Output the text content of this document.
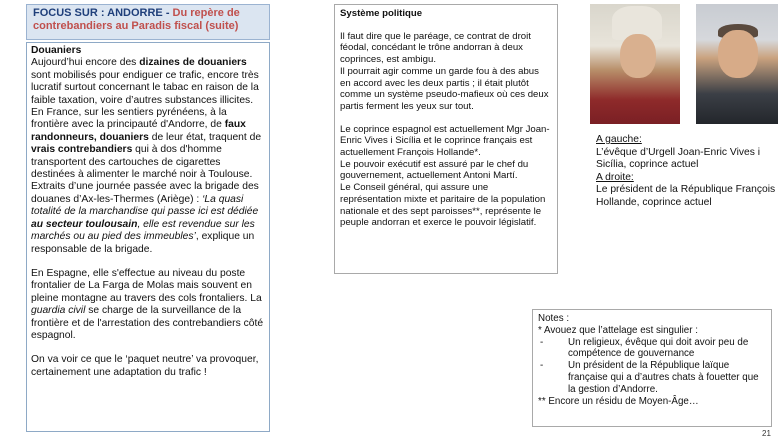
FOCUS SUR : ANDORRE - Du repère de
contrebandiers au Paradis fiscal (suite)

Douaniers

Aujourd’hui encore des dizaines de douaniers sont mobilisés pour endiguer ce trafic, encore très lucratif surtout concernant le tabac en raison de la faible taxation, voire d’autres substances illicites.

En France, sur les sentiers pyrénéens, à la frontière avec la principauté d'Andorre, de faux randonneurs, douaniers de leur état, traquent de vrais contrebandiers qui à dos d'homme transportent des cartouches de cigarettes destinées à alimenter le marché noir à Toulouse.

Extraits d’une journée passée avec la brigade des douanes d’Ax-les-Thermes (Ariège) : ‘La quasi totalité de la marchandise qui passe ici est dédiée au secteur toulousain, elle est revendue sur les marchés ou au pied des immeubles’, explique un responsable de la brigade.

En Espagne, elle s'effectue au niveau du poste frontalier de La Farga de Molas mais souvent en pleine montagne au travers des cols frontaliers. La guardia civil se charge de la surveillance de la frontière et de l'arrestation des contrebandiers côté espagnol.

On va voir ce que le ‘paquet neutre’ va provoquer, certainement une adaptation du trafic !

Système politique

Il faut dire que le paréage, ce contrat de droit féodal, concédant le trône andorran à deux coprinces, est ambigu.

Il pourrait agir comme un garde fou à des abus en accord avec les deux partis ; il était plutôt comme un système pseudo-mafieux où ces deux partis ferment les yeux sur tout.

Le coprince espagnol est actuellement Mgr Joan-Enric Vives i Sicília et le coprince français est actuellement François Hollande*.

Le pouvoir exécutif est assuré par le chef du gouvernement, actuellement Antoni Martí.

Le Conseil général, qui assure une représentation mixte et paritaire de la population nationale et des sept paroisses**, représente le peuple andorran et exerce le pouvoir législatif.

A gauche:

L’évêque d’Urgell Joan-Enric Vives i Sicília, coprince actuel

A droite:

Le président de la République François Hollande, coprince actuel

Notes :

* Avouez que l’attelage est singulier :

-	Un religieux, évêque qui doit avoir peu de compétence de gouvernance
-	Un président de la République laïque française qui a d’autres chats à fouetter que la gestion d’Andorre.

** Encore un résidu de Moyen-Âge…

21
